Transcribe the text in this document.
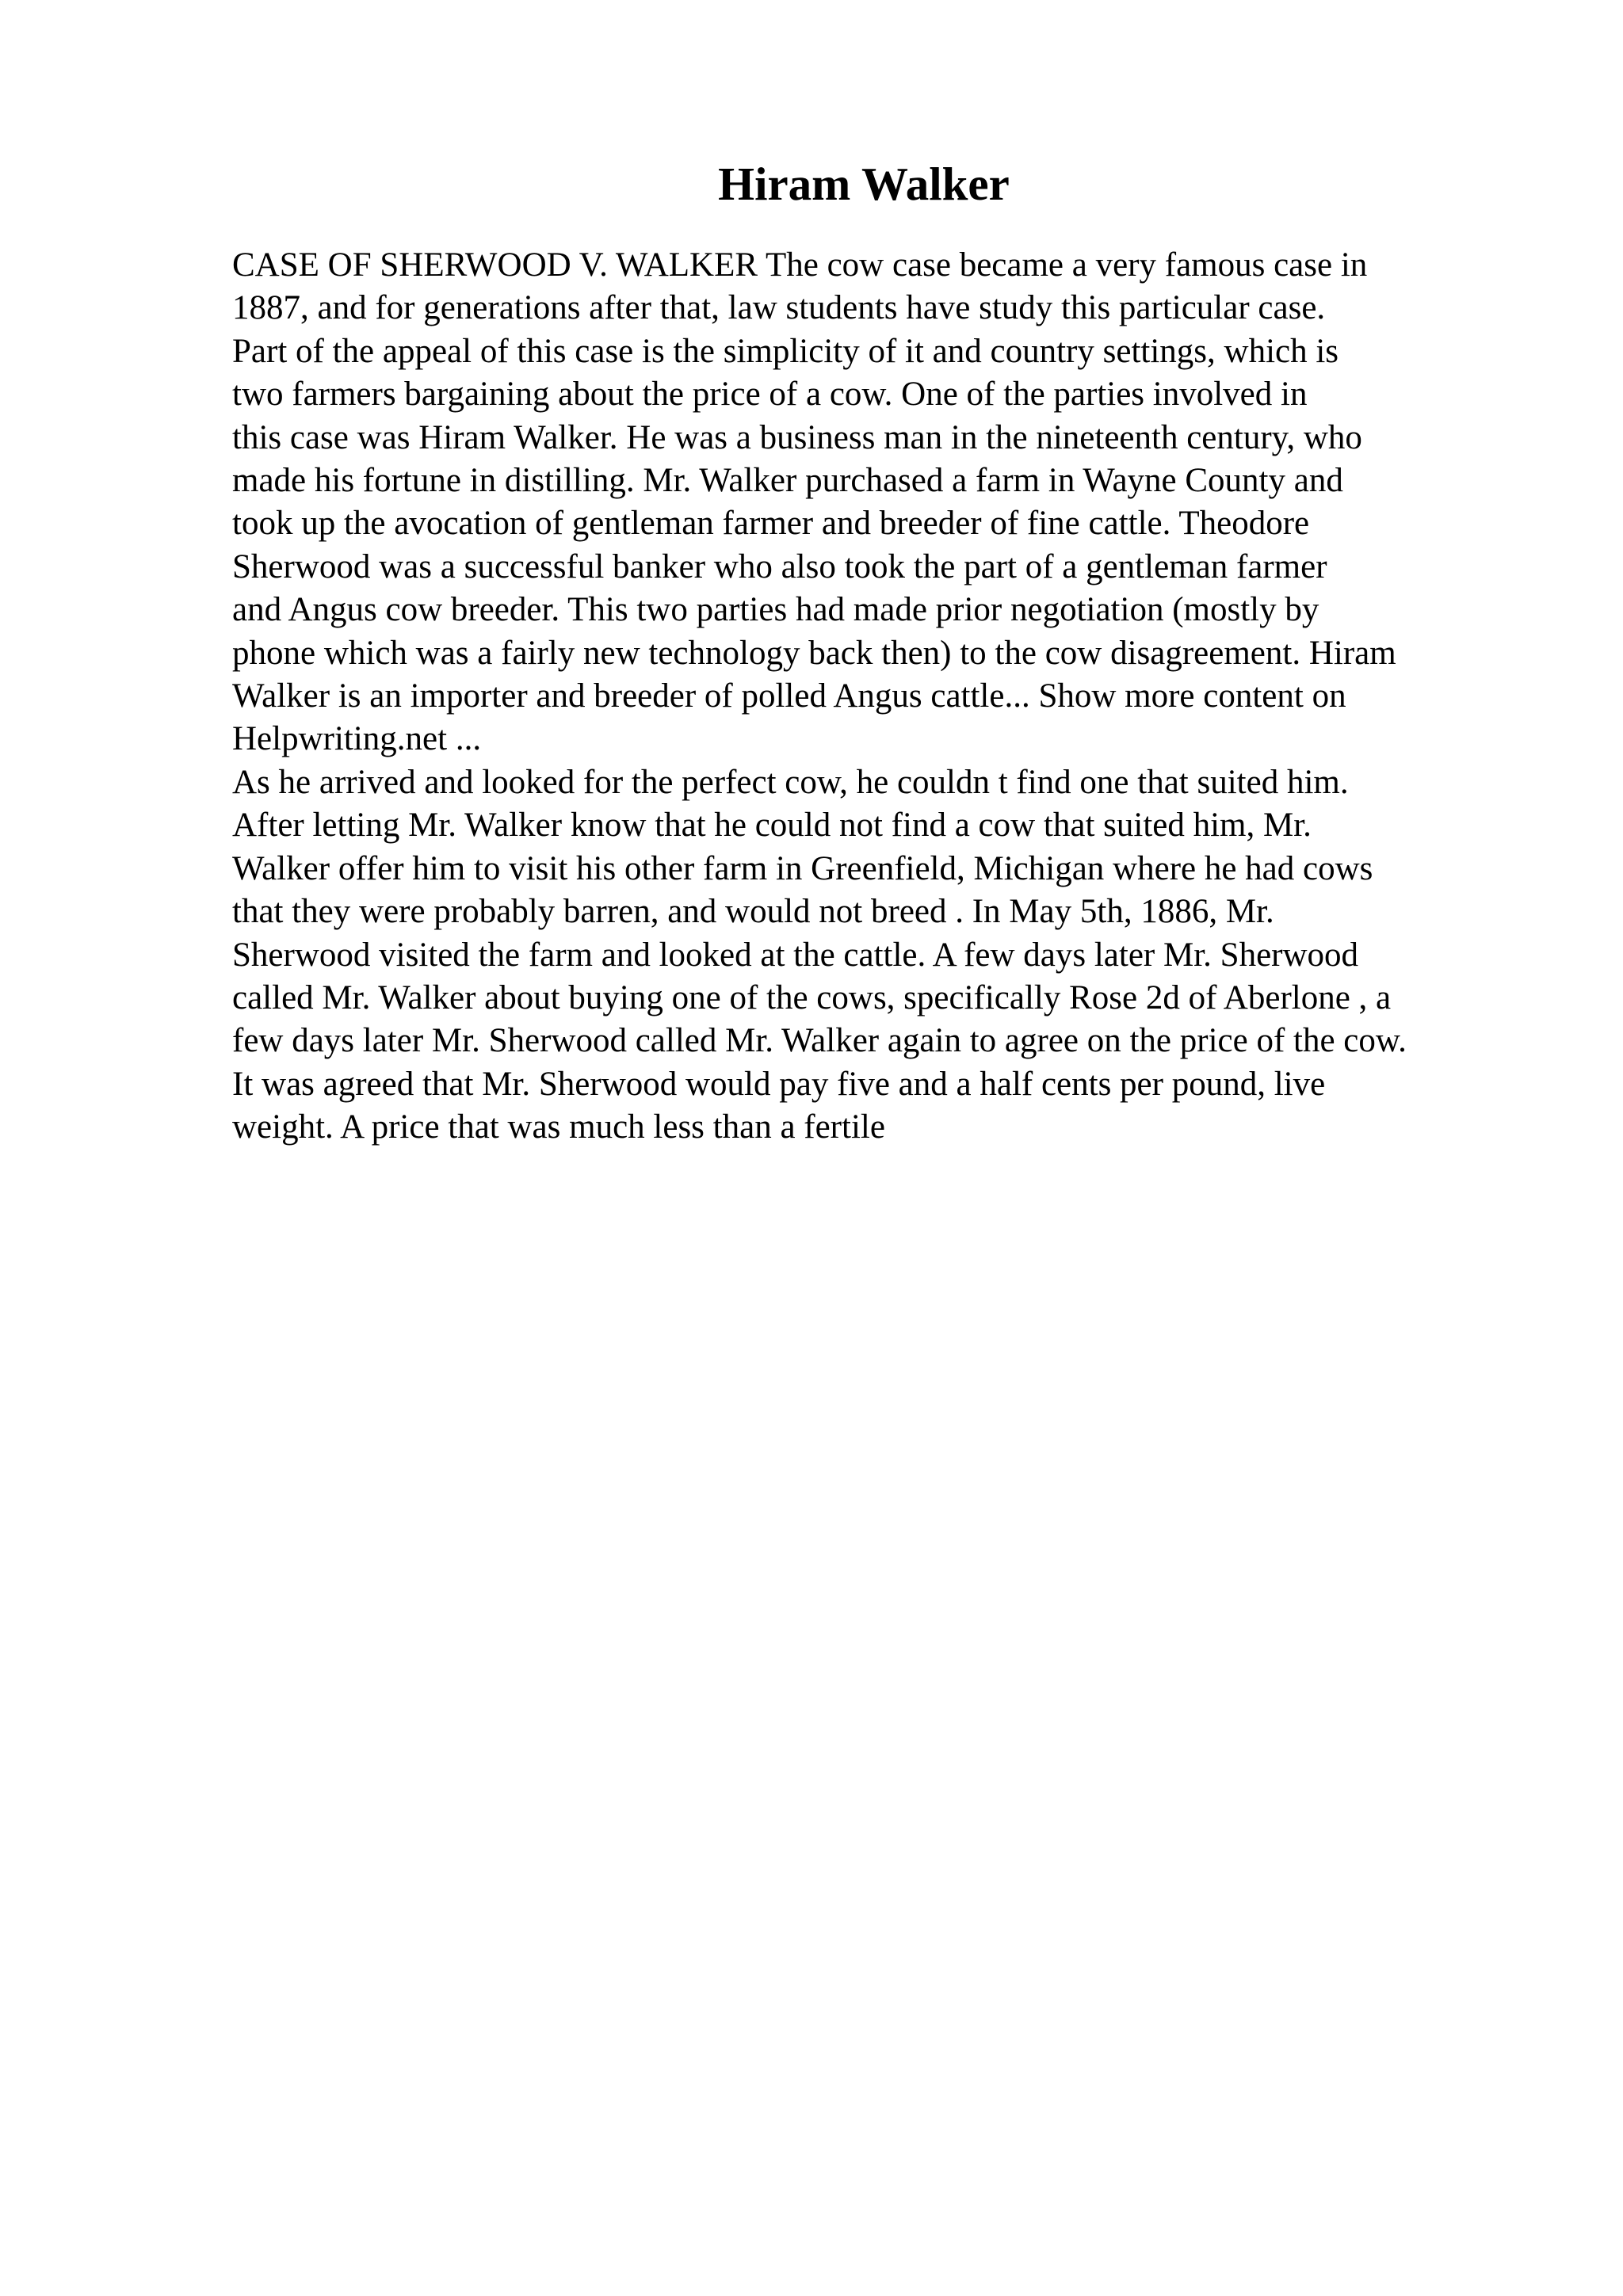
Hiram Walker
CASE OF SHERWOOD V. WALKER The cow case became a very famous case in
1887, and for generations after that, law students have study this particular case.
Part of the appeal of this case is the simplicity of it and country settings, which is
two farmers bargaining about the price of a cow. One of the parties involved in
this case was Hiram Walker. He was a business man in the nineteenth century, who
made his fortune in distilling. Mr. Walker purchased a farm in Wayne County and
took up the avocation of gentleman farmer and breeder of fine cattle. Theodore
Sherwood was a successful banker who also took the part of a gentleman farmer
and Angus cow breeder. This two parties had made prior negotiation (mostly by
phone which was a fairly new technology back then) to the cow disagreement. Hiram
Walker is an importer and breeder of polled Angus cattle... Show more content on
Helpwriting.net ...
As he arrived and looked for the perfect cow, he couldn t find one that suited him.
After letting Mr. Walker know that he could not find a cow that suited him, Mr.
Walker offer him to visit his other farm in Greenfield, Michigan where he had cows
that they were probably barren, and would not breed . In May 5th, 1886, Mr.
Sherwood visited the farm and looked at the cattle. A few days later Mr. Sherwood
called Mr. Walker about buying one of the cows, specifically Rose 2d of Aberlone , a
few days later Mr. Sherwood called Mr. Walker again to agree on the price of the cow.
It was agreed that Mr. Sherwood would pay five and a half cents per pound, live
weight. A price that was much less than a fertile
